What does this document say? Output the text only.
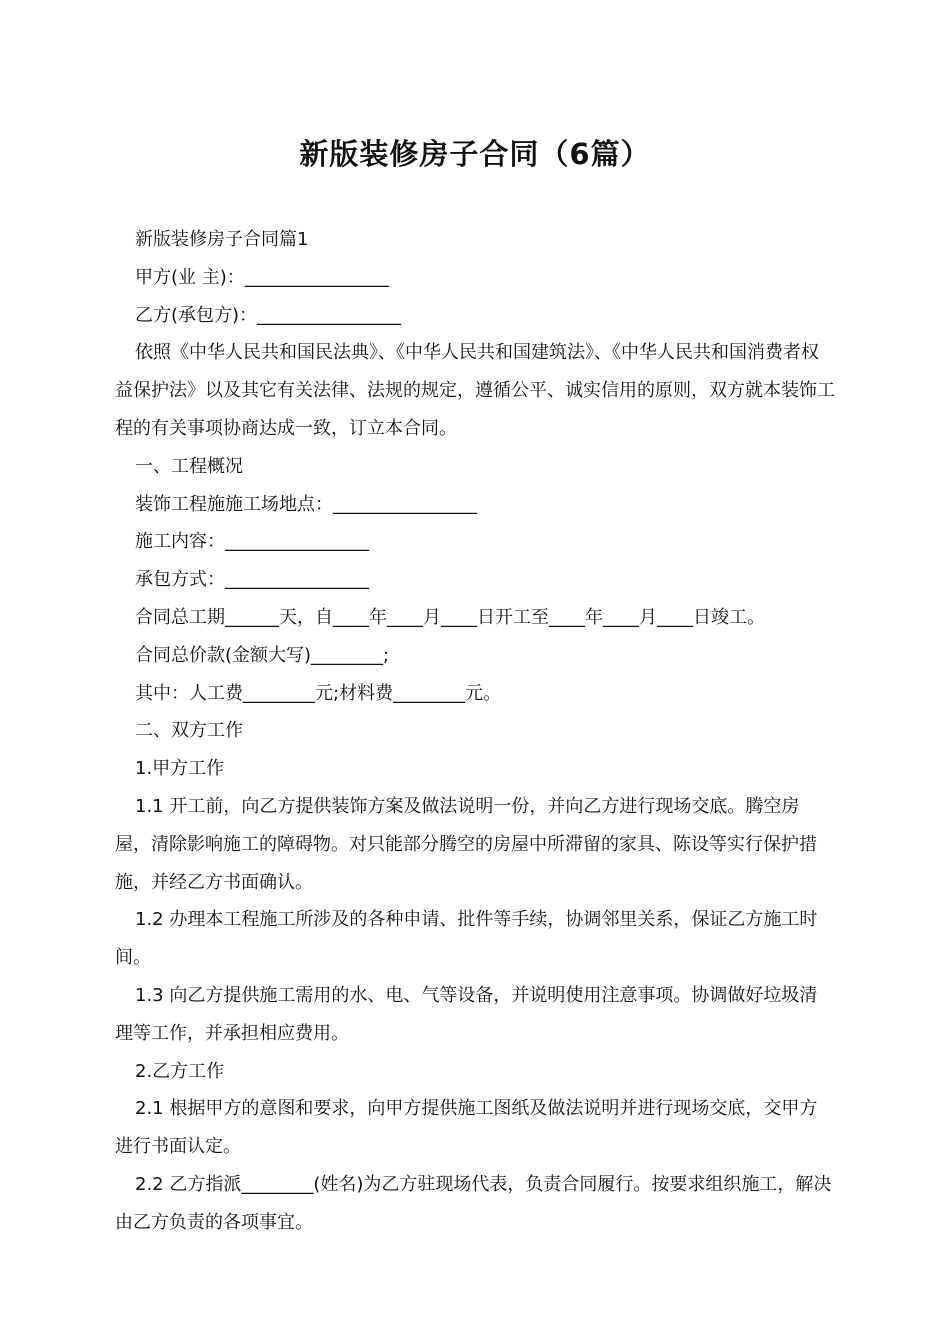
新版装修房子合同（6篇）

新版装修房子合同篇1

甲方(业 主)：________________

乙方(承包方)：________________

依照《中华人民共和国民法典》、《中华人民共和国建筑法》、《中华人民共和国消费者权益保护法》以及其它有关法律、法规的规定，遵循公平、诚实信用的原则，双方就本装饰工程的有关事项协商达成一致，订立本合同。

一、工程概况

装饰工程施施工场地点：________________

施工内容：________________

承包方式：________________

合同总工期______天，自____年____月____日开工至____年____月____日竣工。

合同总价款(金额大写)________;

其中：人工费________元;材料费________元。

二、双方工作

1.甲方工作

1.1 开工前，向乙方提供装饰方案及做法说明一份，并向乙方进行现场交底。腾空房屋，清除影响施工的障碍物。对只能部分腾空的房屋中所滞留的家具、陈设等实行保护措施，并经乙方书面确认。

1.2 办理本工程施工所涉及的各种申请、批件等手续，协调邻里关系，保证乙方施工时间。

1.3 向乙方提供施工需用的水、电、气等设备，并说明使用注意事项。协调做好垃圾清理等工作，并承担相应费用。

2.乙方工作

2.1 根据甲方的意图和要求，向甲方提供施工图纸及做法说明并进行现场交底，交甲方进行书面认定。

2.2 乙方指派________(姓名)为乙方驻现场代表，负责合同履行。按要求组织施工，解决由乙方负责的各项事宜。
